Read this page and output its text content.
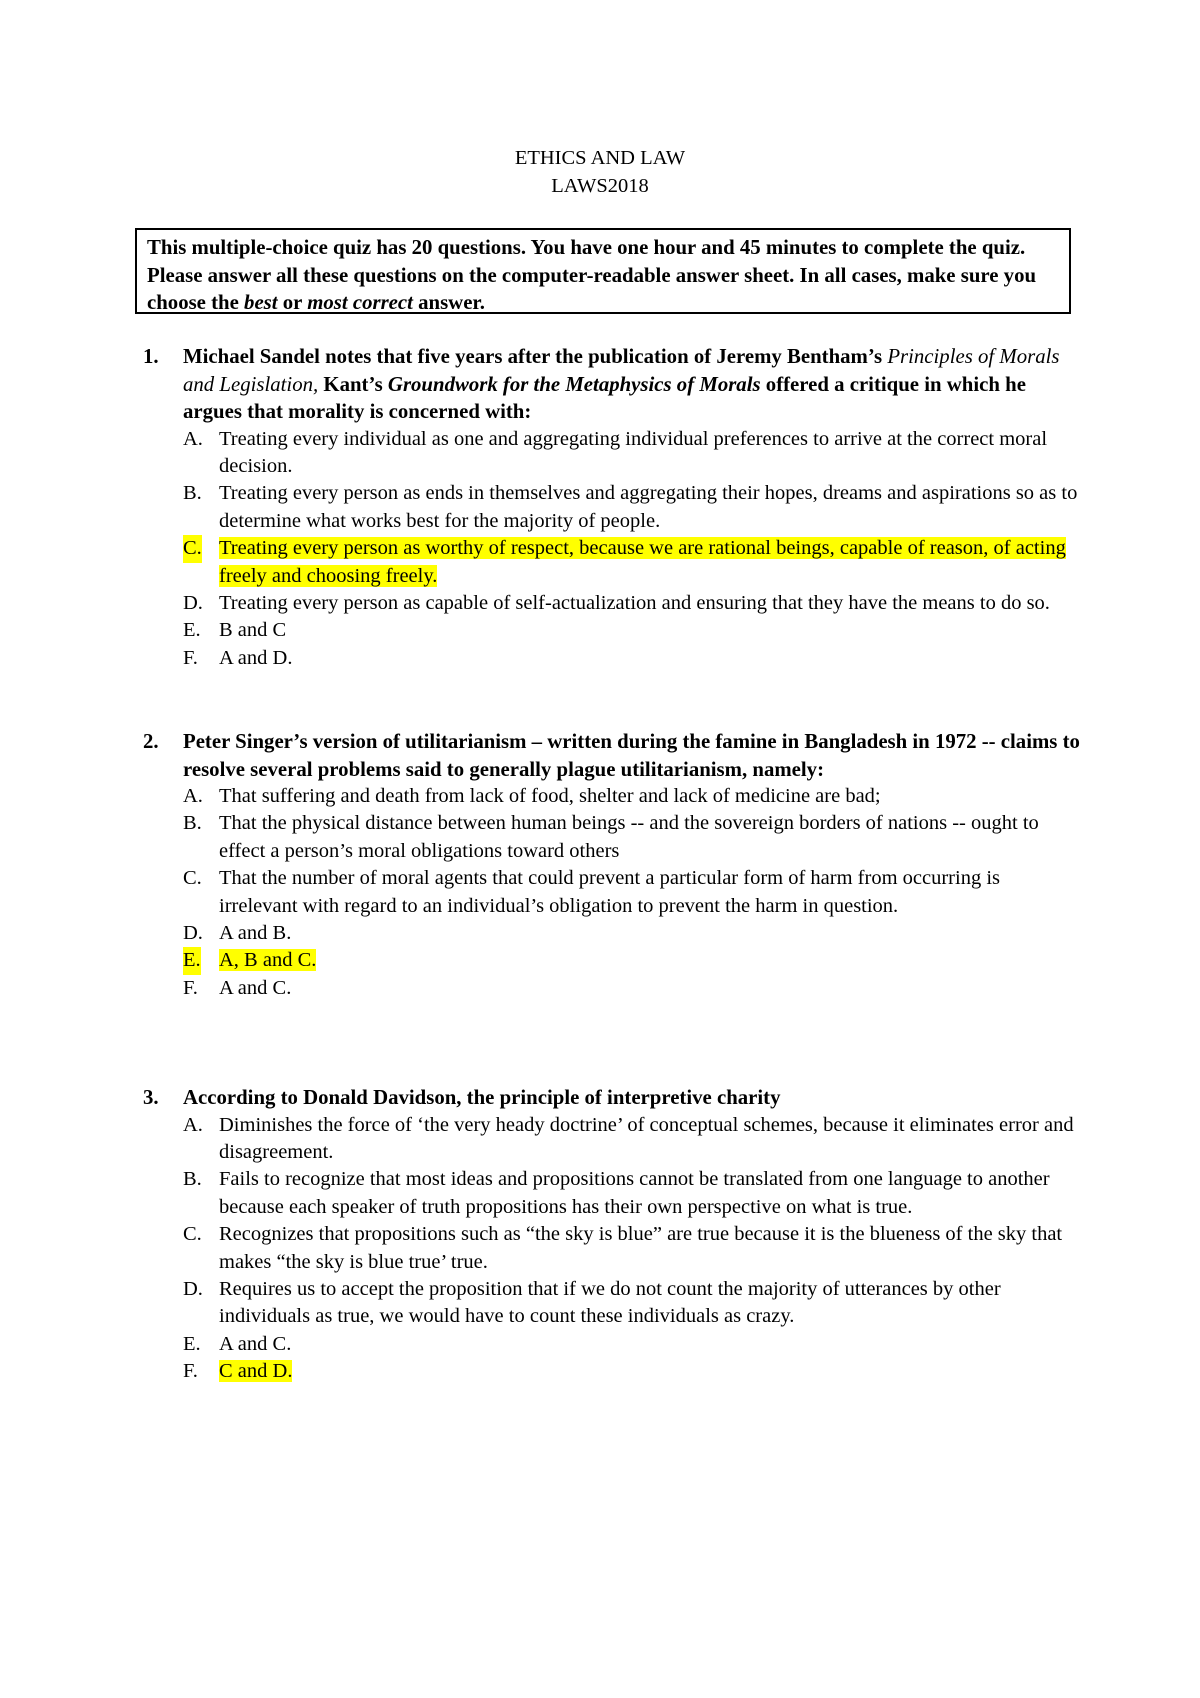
ETHICS AND LAW
LAWS2018
This multiple-choice quiz has 20 questions. You have one hour and 45 minutes to complete the quiz. Please answer all these questions on the computer-readable answer sheet. In all cases, make sure you choose the best or most correct answer.
1. Michael Sandel notes that five years after the publication of Jeremy Bentham’s Principles of Morals and Legislation, Kant’s Groundwork for the Metaphysics of Morals offered a critique in which he argues that morality is concerned with:
A. Treating every individual as one and aggregating individual preferences to arrive at the correct moral decision.
B. Treating every person as ends in themselves and aggregating their hopes, dreams and aspirations so as to determine what works best for the majority of people.
C. Treating every person as worthy of respect, because we are rational beings, capable of reason, of acting freely and choosing freely.
D. Treating every person as capable of self-actualization and ensuring that they have the means to do so.
E. B and C
F. A and D.
2. Peter Singer’s version of utilitarianism – written during the famine in Bangladesh in 1972 -- claims to resolve several problems said to generally plague utilitarianism, namely:
A. That suffering and death from lack of food, shelter and lack of medicine are bad;
B. That the physical distance between human beings -- and the sovereign borders of nations -- ought to effect a person’s moral obligations toward others
C. That the number of moral agents that could prevent a particular form of harm from occurring is irrelevant with regard to an individual’s obligation to prevent the harm in question.
D. A and B.
E. A, B and C.
F. A and C.
3. According to Donald Davidson, the principle of interpretive charity
A. Diminishes the force of ‘the very heady doctrine’ of conceptual schemes, because it eliminates error and disagreement.
B. Fails to recognize that most ideas and propositions cannot be translated from one language to another because each speaker of truth propositions has their own perspective on what is true.
C. Recognizes that propositions such as “the sky is blue” are true because it is the blueness of the sky that makes “the sky is blue true’ true.
D. Requires us to accept the proposition that if we do not count the majority of utterances by other individuals as true, we would have to count these individuals as crazy.
E. A and C.
F. C and D.
